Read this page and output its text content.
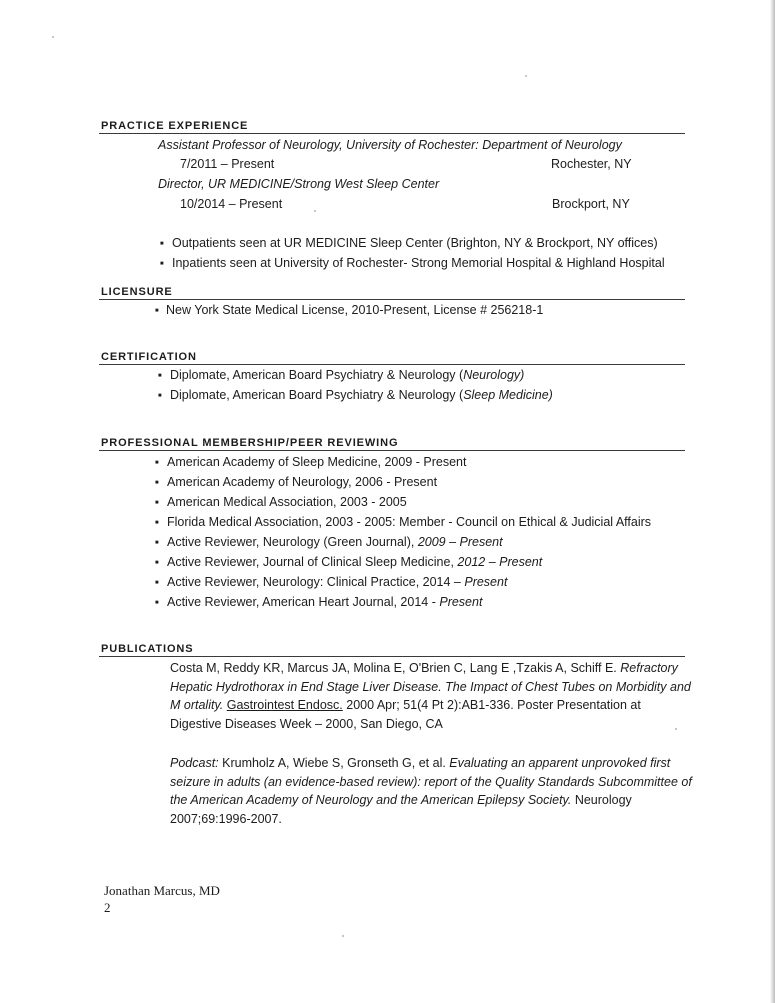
PRACTICE EXPERIENCE
Assistant Professor of Neurology, University of Rochester: Department of Neurology
7/2011 – Present	Rochester, NY
Director, UR MEDICINE/Strong West Sleep Center
10/2014 – Present	Brockport, NY
■ Outpatients seen at UR MEDICINE Sleep Center (Brighton, NY & Brockport, NY offices)
■ Inpatients seen at University of Rochester- Strong Memorial Hospital & Highland Hospital
LICENSURE
■ New York State Medical License, 2010-Present, License # 256218-1
CERTIFICATION
■ Diplomate, American Board Psychiatry & Neurology (Neurology)
■ Diplomate, American Board Psychiatry & Neurology (Sleep Medicine)
PROFESSIONAL MEMBERSHIP/PEER REVIEWING
■ American Academy of Sleep Medicine, 2009 - Present
■ American Academy of Neurology, 2006 - Present
■ American Medical Association, 2003 - 2005
■ Florida Medical Association, 2003 - 2005: Member - Council on Ethical & Judicial Affairs
■ Active Reviewer, Neurology (Green Journal), 2009 – Present
■ Active Reviewer, Journal of Clinical Sleep Medicine, 2012 – Present
■ Active Reviewer, Neurology: Clinical Practice, 2014 – Present
■ Active Reviewer, American Heart Journal, 2014 - Present
PUBLICATIONS
Costa M, Reddy KR, Marcus JA, Molina E, O'Brien C, Lang E ,Tzakis A, Schiff E. Refractory Hepatic Hydrothorax in End Stage Liver Disease. The Impact of Chest Tubes on Morbidity and M ortality. Gastrointest Endosc. 2000 Apr; 51(4 Pt 2):AB1-336. Poster Presentation at Digestive Diseases Week – 2000, San Diego, CA
Podcast: Krumholz A, Wiebe S, Gronseth G, et al. Evaluating an apparent unprovoked first seizure in adults (an evidence-based review): report of the Quality Standards Subcommittee of the American Academy of Neurology and the American Epilepsy Society. Neurology 2007;69:1996-2007.
Jonathan Marcus, MD
2
